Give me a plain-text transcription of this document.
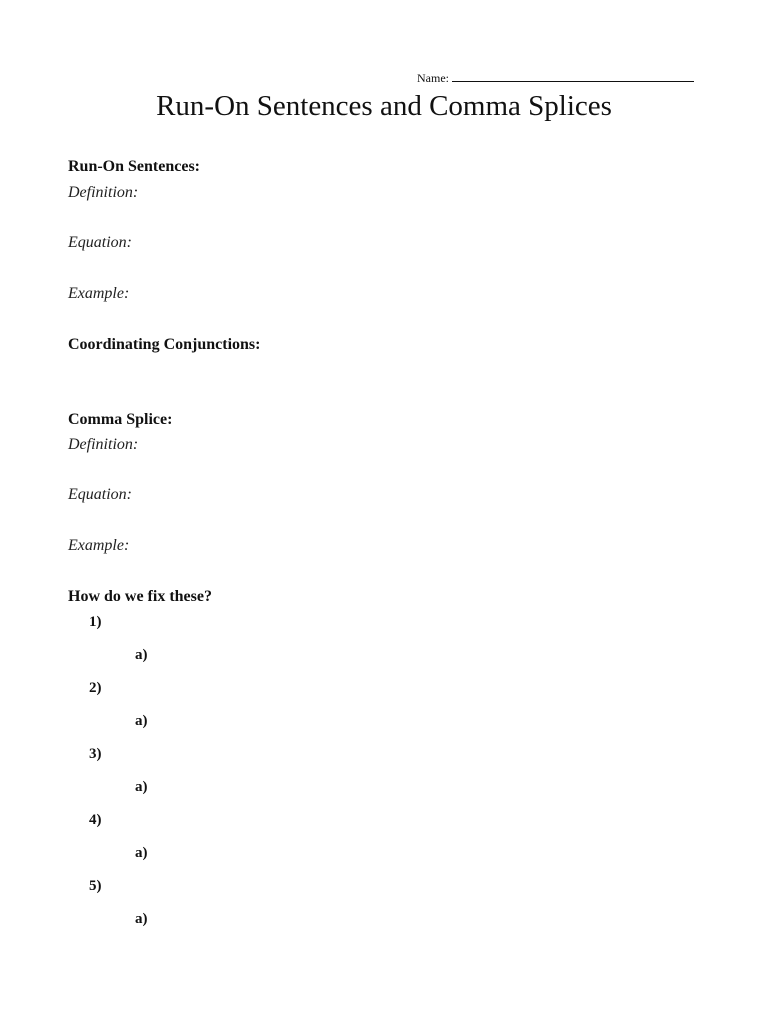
Name:
Run-On Sentences and Comma Splices
Run-On Sentences:
Definition:
Equation:
Example:
Coordinating Conjunctions:
Comma Splice:
Definition:
Equation:
Example:
How do we fix these?
1)
a)
2)
a)
3)
a)
4)
a)
5)
a)
